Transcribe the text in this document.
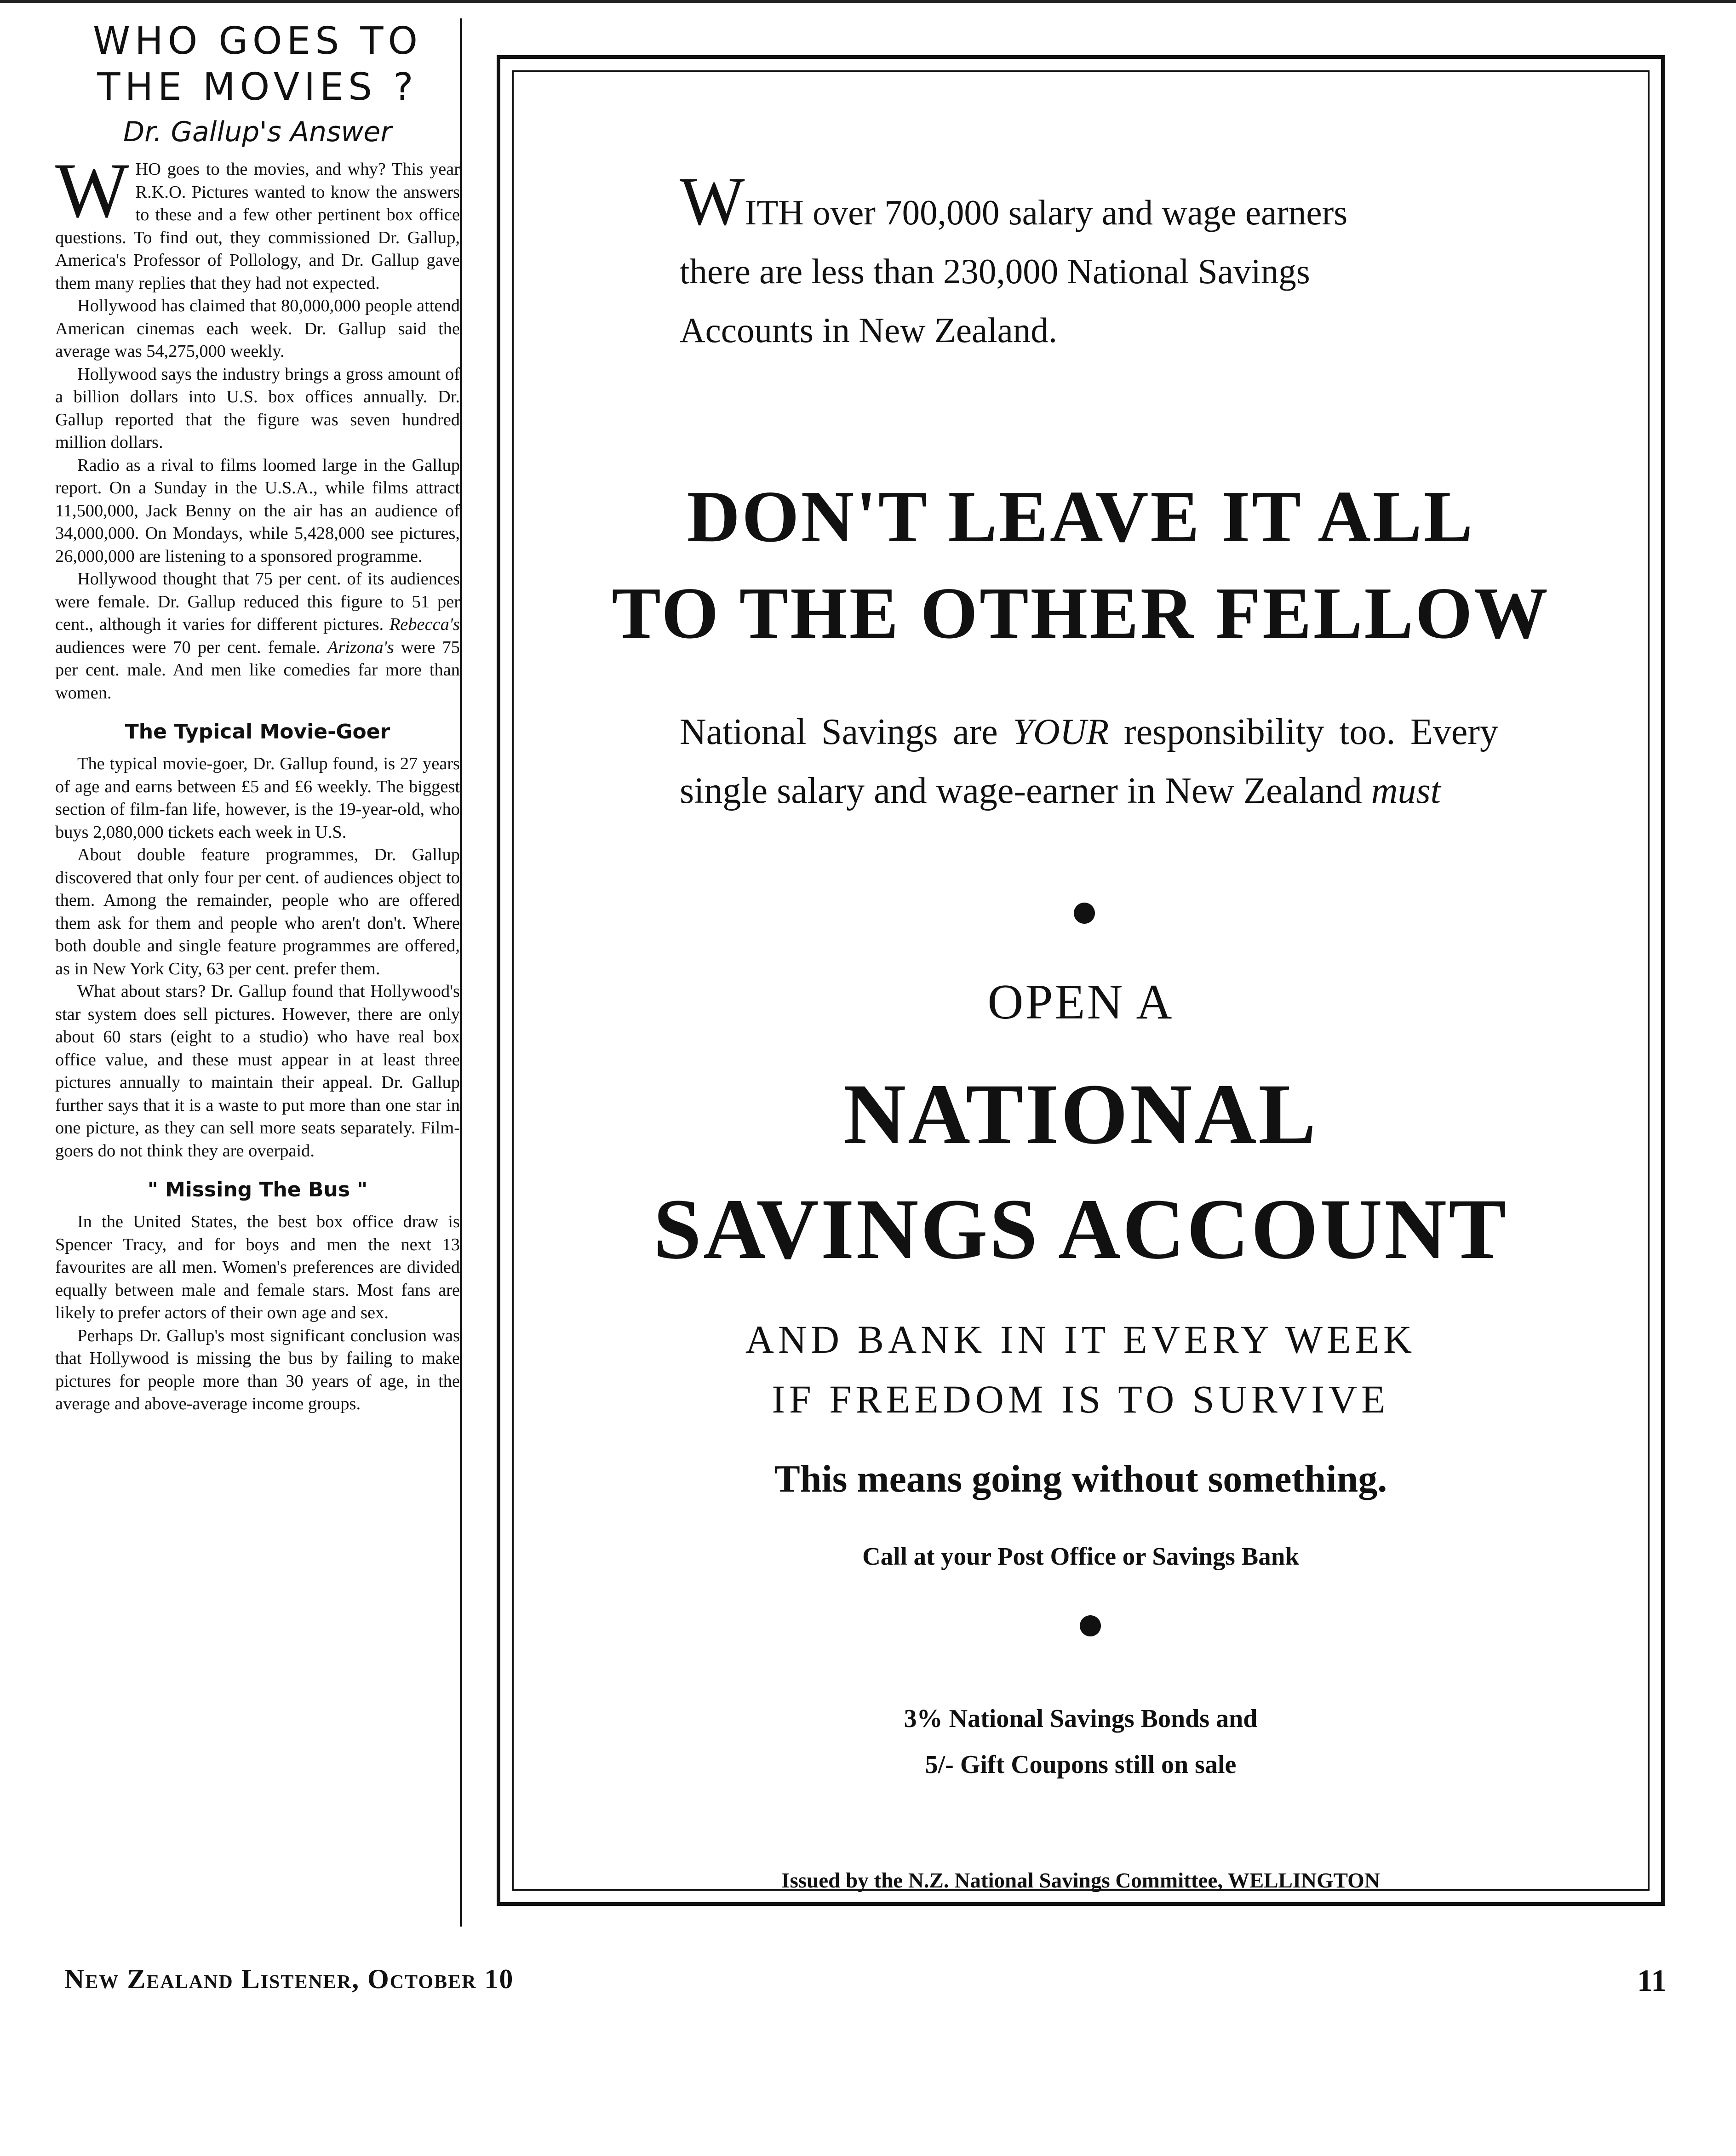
WHO GOES TO
THE MOVIES ?
Dr. Gallup's Answer

WHO goes to the movies, and why? This year R.K.O. Pictures wanted to know the answers to these and a few other pertinent box office questions. To find out, they commissioned Dr. Gallup, America's Professor of Pollology, and Dr. Gallup gave them many replies that they had not expected.

Hollywood has claimed that 80,000,000 people attend American cinemas each week. Dr. Gallup said the average was 54,275,000 weekly.

Hollywood says the industry brings a gross amount of a billion dollars into U.S. box offices annually. Dr. Gallup reported that the figure was seven hundred million dollars.

Radio as a rival to films loomed large in the Gallup report. On a Sunday in the U.S.A., while films attract 11,500,000, Jack Benny on the air has an audience of 34,000,000. On Mondays, while 5,428,000 see pictures, 26,000,000 are listening to a sponsored programme.

Hollywood thought that 75 per cent. of its audiences were female. Dr. Gallup reduced this figure to 51 per cent., although it varies for different pictures. Rebecca's audiences were 70 per cent. female. Arizona's were 75 per cent. male. And men like comedies far more than women.

The Typical Movie-Goer

The typical movie-goer, Dr. Gallup found, is 27 years of age and earns between £5 and £6 weekly. The biggest section of film-fan life, however, is the 19-year-old, who buys 2,080,000 tickets each week in U.S.

About double feature programmes, Dr. Gallup discovered that only four per cent. of audiences object to them. Among the remainder, people who are offered them ask for them and people who aren't don't. Where both double and single feature programmes are offered, as in New York City, 63 per cent. prefer them.

What about stars? Dr. Gallup found that Hollywood's star system does sell pictures. However, there are only about 60 stars (eight to a studio) who have real box office value, and these must appear in at least three pictures annually to maintain their appeal. Dr. Gallup further says that it is a waste to put more than one star in one picture, as they can sell more seats separately. Film-goers do not think they are overpaid.

" Missing The Bus "

In the United States, the best box office draw is Spencer Tracy, and for boys and men the next 13 favourites are all men. Women's preferences are divided equally between male and female stars. Most fans are likely to prefer actors of their own age and sex.

Perhaps Dr. Gallup's most significant conclusion was that Hollywood is missing the bus by failing to make pictures for people more than 30 years of age, in the average and above-average income groups.

WITH over 700,000 salary and wage earners
there are less than 230,000 National Savings
Accounts in New Zealand.
DON'T LEAVE IT ALL
TO THE OTHER FELLOW
National Savings are YOUR responsibility too. Every single salary and wage-earner in New Zealand must
OPEN A
NATIONAL
SAVINGS ACCOUNT
AND BANK IN IT EVERY WEEK
IF FREEDOM IS TO SURVIVE
This means going without something.
Call at your Post Office or Savings Bank
3% National Savings Bonds and
5/- Gift Coupons still on sale
Issued by the N.Z. National Savings Committee, WELLINGTON
New Zealand Listener, October 10	11
